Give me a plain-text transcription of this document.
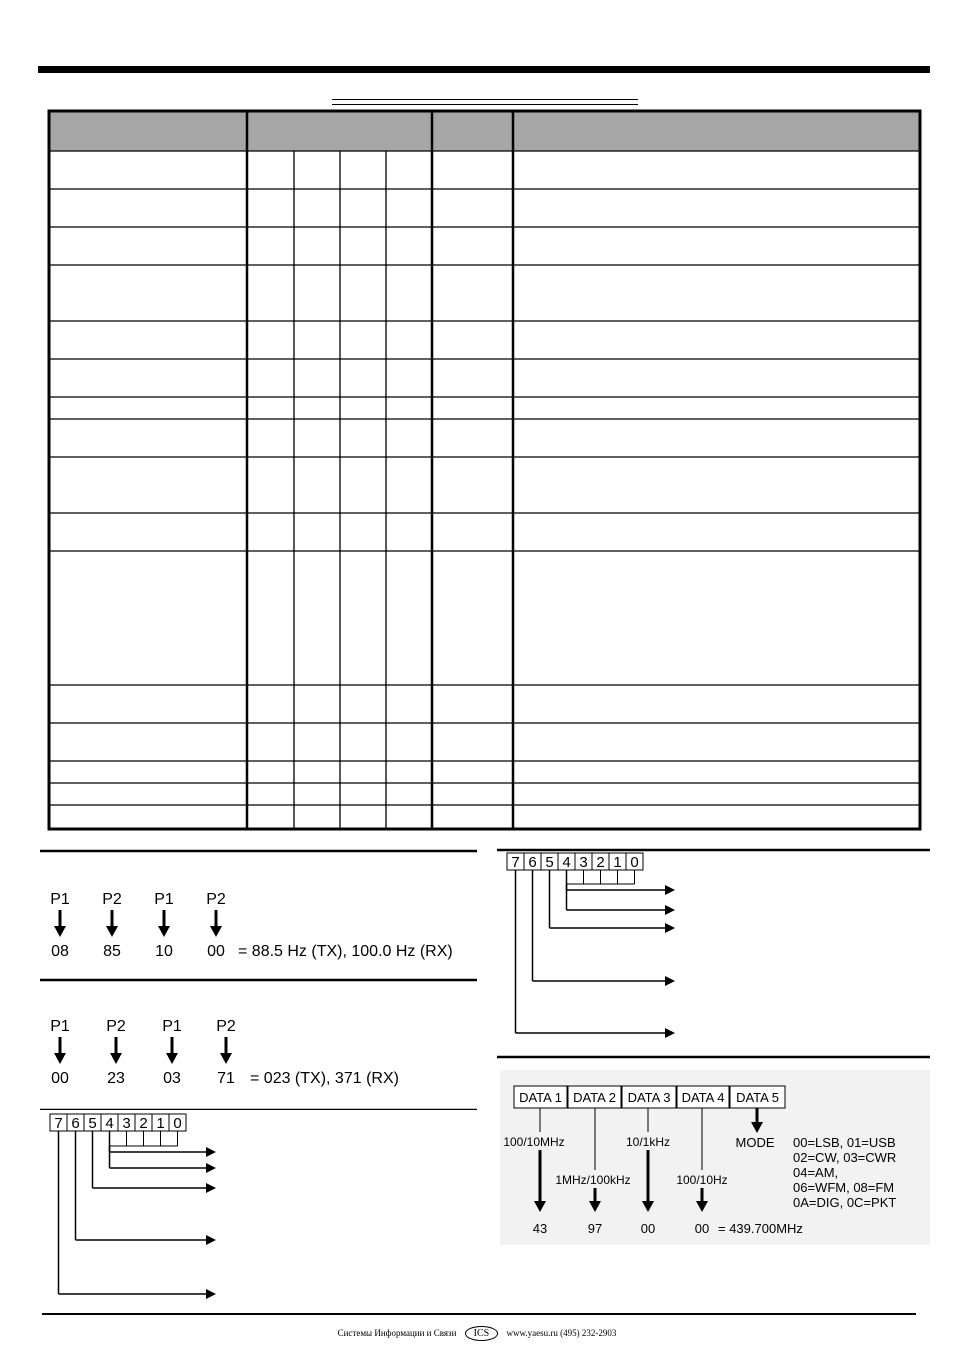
P1
08
P2
85
P1
10
P2
00 = 88.5 Hz (TX), 100.0 Hz (RX)
P1
00
P2
23
P1
03
P2
71 = 023 (TX), 371 (RX)
7 6 5 4 3 2 1 0
7 6 5 4 3 2 1 0
DATA 1 DATA 2 DATA 3 DATA 4 DATA 5
100/10MHz
43
1MHz/100kHz
97
10/1kHz
00
100/10Hz
00 = 439.700MHz
MODE 00=LSB, 01=USB
02=CW, 03=CWR
04=AM,
06=WFM, 08=FM
0A=DIG, 0C=PKT
Системы Информации и Связи ICS www.yaesu.ru (495) 232-2903
